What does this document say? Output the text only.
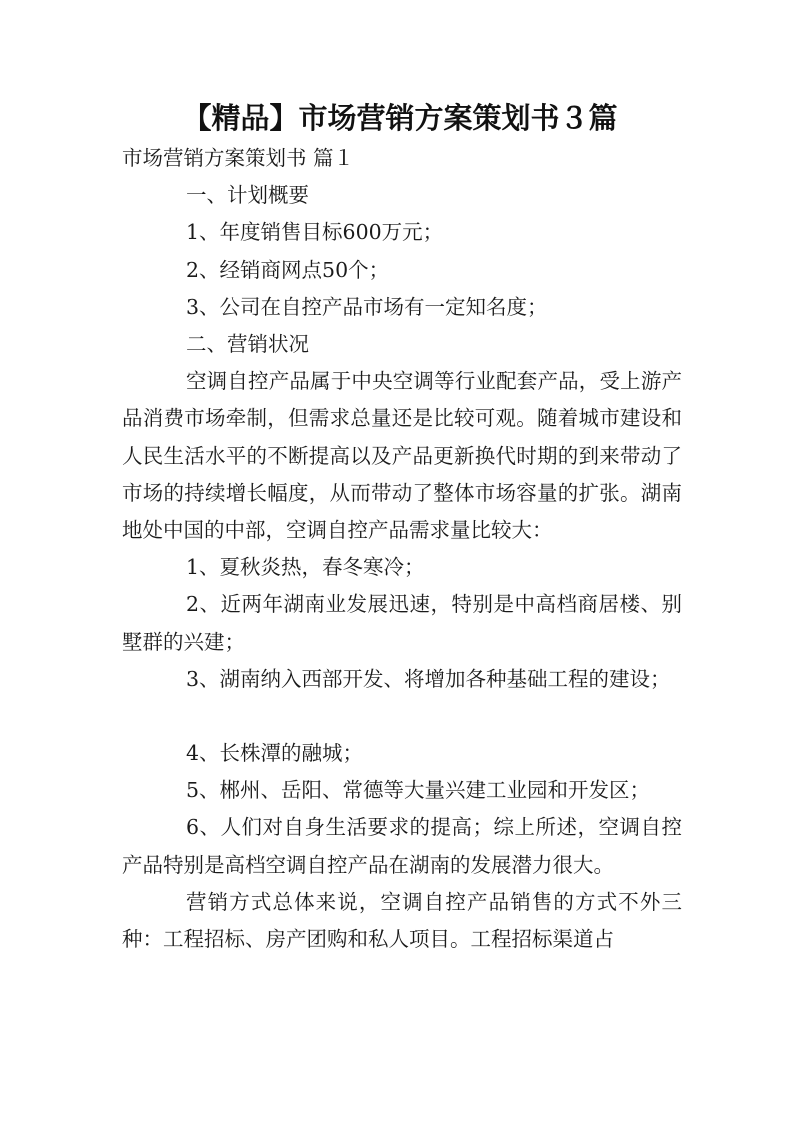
【精品】市场营销方案策划书３篇

市场营销方案策划书 篇１

一、计划概要

1、年度销售目标600万元；

2、经销商网点50个；

3、公司在自控产品市场有一定知名度；

二、营销状况

空调自控产品属于中央空调等行业配套产品，受上游产品消费市场牵制，但需求总量还是比较可观。随着城市建设和人民生活水平的不断提高以及产品更新换代时期的到来带动了市场的持续增长幅度，从而带动了整体市场容量的扩张。湖南地处中国的中部，空调自控产品需求量比较大：

1、夏秋炎热，春冬寒冷；

2、近两年湖南业发展迅速，特别是中高档商居楼、别墅群的兴建；

3、湖南纳入西部开发、将增加各种基础工程的建设；

4、长株潭的融城；

5、郴州、岳阳、常德等大量兴建工业园和开发区；

6、人们对自身生活要求的提高；综上所述，空调自控产品特别是高档空调自控产品在湖南的发展潜力很大。

营销方式总体来说，空调自控产品销售的方式不外三种：工程招标、房产团购和私人项目。工程招标渠道占
